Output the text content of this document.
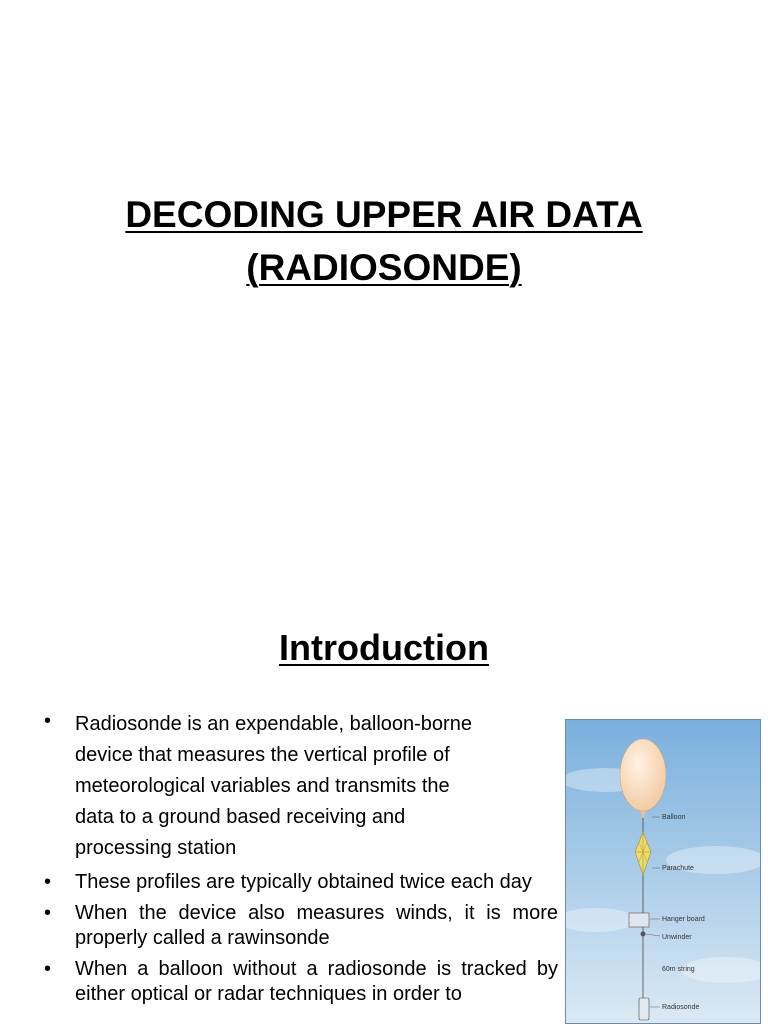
DECODING UPPER AIR DATA
(RADIOSONDE)
Introduction
• Radiosonde is an expendable, balloon-borne
device that measures the vertical profile of
meteorological variables and transmits the
data to a ground based receiving and
processing station
• These profiles are typically obtained twice each day
• When the device also measures winds, it is more properly called a rawinsonde
• When a balloon without a radiosonde is tracked by either optical or radar techniques in order to
Balloon
Parachute
Hanger board
Unwinder
60m string
Radiosonde
